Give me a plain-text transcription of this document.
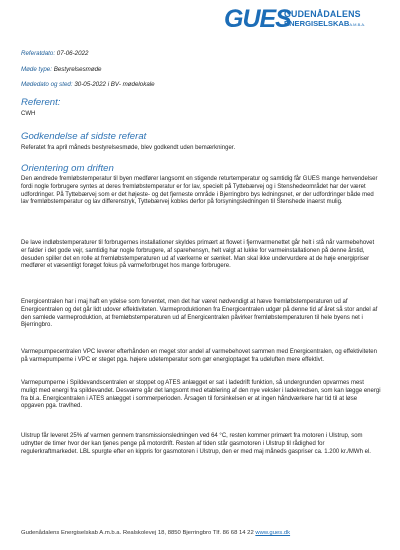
GUES
GUDENÅDALENS
ENERGISELSKABA.M.B.A.
Referatdato: 07-06-2022
Møde type: Bestyrelsesmøde
Mødedato og sted: 30-05-2022 i BV- mødelokale
Referent:

CWH

Godkendelse af sidste referat

Referatet fra april måneds bestyrelsesmøde, blev godkendt uden bemærkninger.

Orientering om driften

Den ændrede fremløbstemperatur til byen medfører langsomt en stigende returtemperatur og samtidig får GUES mange henvendelser fordi nogle forbrugere syntes at deres fremløbstemperatur er for lav, specielt på Tyttebærvej og i Stenshedeområdet har der været udfordringer. På Tyttebærvej som er det højeste- og det fjerneste område i Bjerringbro bys ledningsnet, er der udfordringer både med lav fremløbstemperatur og lav differenstryk, Tyttebærvej kobles derfor på forsyningsledningen til Stenshede inaerst mulig.

De lave indløbstemperaturer til forbrugernes installationer skyldes primært at flowet i fjernvarmenettet går helt i stå når varmebehovet er falder i det gode vejr, samtidig har nogle forbrugere, af sparehensyn, helt valgt at lukke for varmeinstallationen på denne årstid, desuden spiller det en rolle at fremløbstemperaturen ud af værkerne er sænket. Man skal ikke undervurdere at de høje energipriser medfører et væsentligt forøget fokus på varmeforbruget hos mange forbrugere.

Energicentralen har i maj haft en ydelse som forventet, men det har været nødvendigt at hæve fremløbstemperaturen ud af Energicentralen og det går lidt udover effektiviteten. Varmeproduktionen fra Energicentralen udgør på denne tid af året så stor andel af den samlede varmeproduktion, at fremløbstemperaturen ud af Energicentralen påvirker fremløbstemperaturen til hele byens net i Bjerringbro.

Varmepumpecentralen VPC leverer efterhånden en meget stor andel af varmebehovet sammen med Energicentralen, og effektiviteten på varmepumperne i VPC er steget pga. højere udetemperatur som gør energioptaget fra udeluften mere effektivt.

Varmepumperne i Spildevandscentralen er stoppet og ATES anlægget er sat i ladedrift funktion, så undergrunden opvarmes mest muligt med energi fra spildevandet. Desværre går det langsomt med etablering af den nye veksler i ladekredsen, som kan lægge energi fra bl.a. Energicentralen i ATES anlægget i sommerperioden. Årsagen til forsinkelsen er at ingen håndværkere har tid til at løse opgaven pga. travlhed.

Ulstrup får leveret 25% af varmen gennem transmissionsledningen ved 64 °C, resten kommer primært fra motoren i Ulstrup, som udnytter de timer hvor der kan tjenes penge på motordrift. Resten af tiden står gasmotoren i Ulstrup til rådighed for regulerkraftmarkedet. LBL spurgte efter en kippris for gasmotoren i Ulstrup, den er med maj måneds gaspriser ca. 1.200 kr./MWh el.

Gudenådalens Energiselskab A.m.b.a. Realskolevej 18, 8850 Bjerringbro Tlf. 86 68 14 22 www.gues.dk
